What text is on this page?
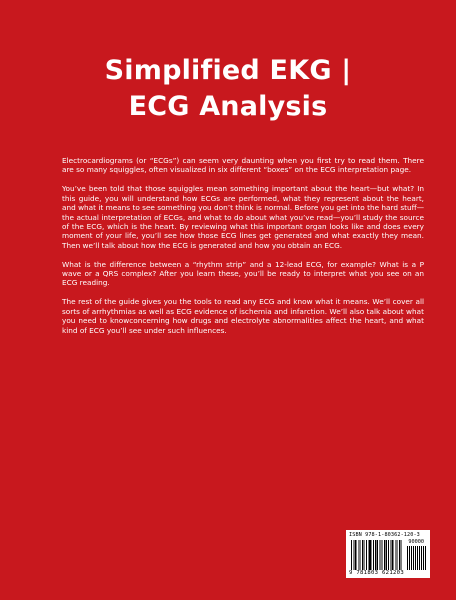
Simplified EKG |
ECG Analysis

Electrocardiograms (or “ECGs”) can seem very daunting when you first try to read them. There are so many squiggles, often visualized in six different “boxes” on the ECG interpretation page.

You’ve been told that those squiggles mean something important about the heart—but what? In this guide, you will understand how ECGs are performed, what they represent about the heart, and what it means to see something you don’t think is normal. Before you get into the hard stuff—the actual interpretation of ECGs, and what to do about what you’ve read—you’ll study the source of the ECG, which is the heart. By reviewing what this important organ looks like and does every moment of your life, you’ll see how those ECG lines get generated and what exactly they mean. Then we’ll talk about how the ECG is generated and how you obtain an ECG.

What is the difference between a “rhythm strip” and a 12-lead ECG, for example? What is a P wave or a QRS complex? After you learn these, you’ll be ready to interpret what you see on an ECG reading.

The rest of the guide gives you the tools to read any ECG and know what it means. We’ll cover all sorts of arrhythmias as well as ECG evidence of ischemia and infarction. We’ll also talk about what you need to knowconcerning how drugs and electrolyte abnormalities affect the heart, and what kind of ECG you’ll see under such influences.

ISBN 978-1-80362-120-3
90000
9 781803 621203
